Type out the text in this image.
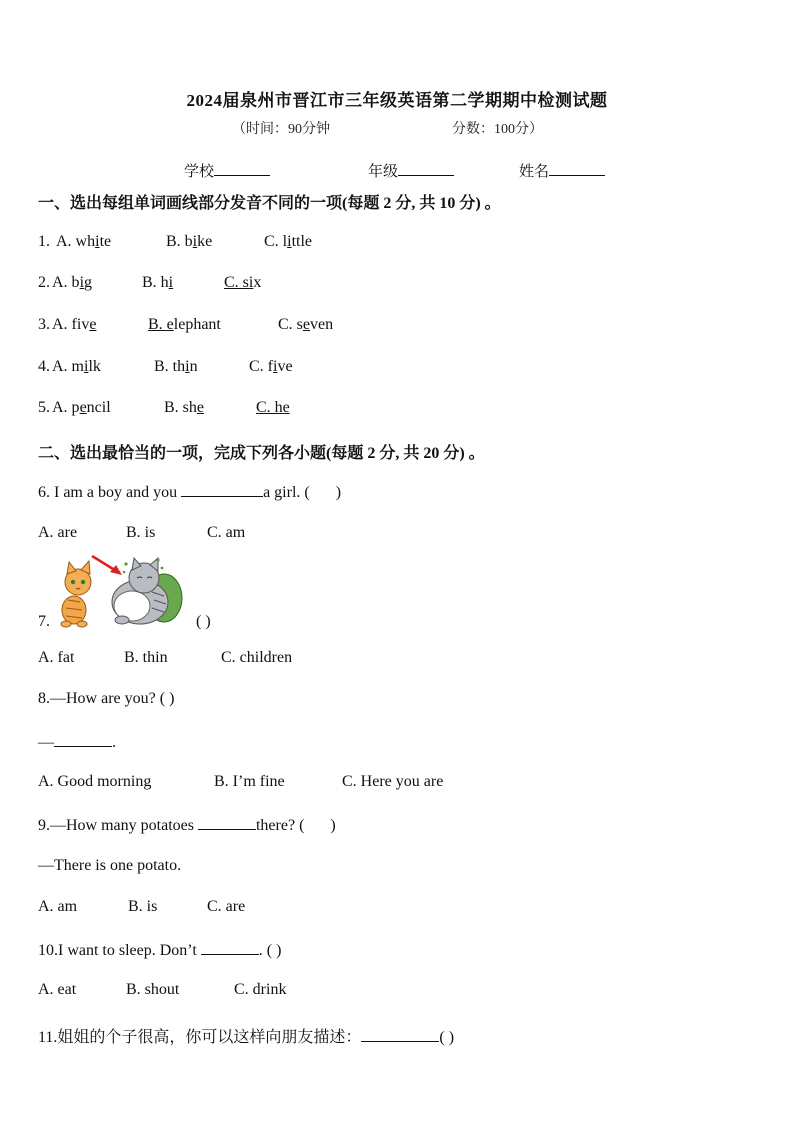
2024届泉州市晋江市三年级英语第二学期期中检测试题
（时间：90分钟	分数：100分）
学校	年级	姓名
一、选出每组单词画线部分发音不同的一项(每题 2 分, 共 10 分) 。
1. A. white	B. bike	C. little
2. A. big	B. hi	C. six
3. A. five	B. elephant	C. seven
4. A. milk	B. thin	C. five
5. A. pencil	B. she	C. he
二、选出最恰当的一项，完成下列各小题(每题 2 分, 共 20 分) 。
6. I am a boy and you	a girl. ( )
A. are	B. is	C. am
7.	( )
A. fat	B. thin	C. children
8.—How are you? ( )
—	.
A. Good morning	B. I’m fine	C. Here you are
9.—How many potatoes	there? ( )
—There is one potato.
A. am	B. is	C. are
10.I want to sleep. Don’t	. ( )
A. eat	B. shout	C. drink
11.姐姐的个子很高，你可以这样向朋友描述：	( )
